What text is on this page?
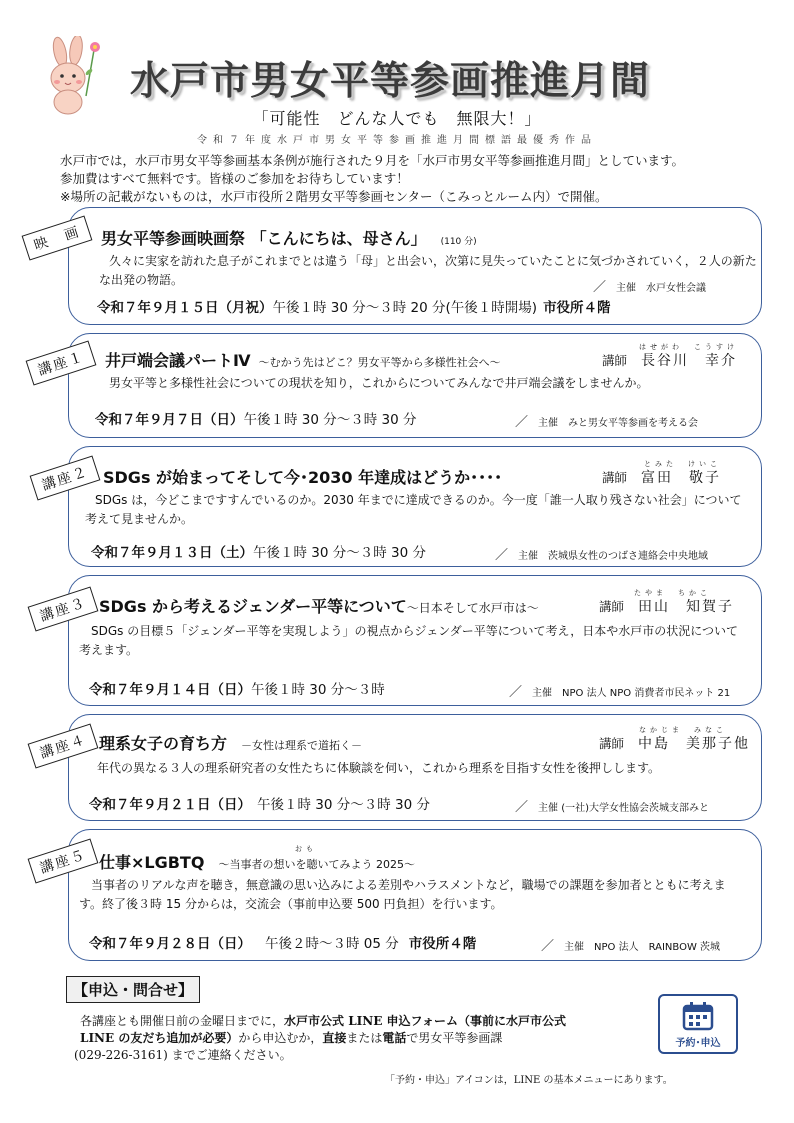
水戸市男女平等参画推進月間
「可能性　どんな人でも　無限大！」
令和７年度水戸市男女平等参画推進月間標語最優秀作品
水戸市では，水戸市男女平等参画基本条例が施行された９月を「水戸市男女平等参画推進月間」としています。
参加費はすべて無料です。皆様のご参加をお待ちしています！
※場所の記載がないものは，水戸市役所２階男女平等参画センター（こみっとルーム内）で開催。
男女平等参画映画祭 「こんにちは、母さん」 (110 分)
　久々に実家を訪れた息子がこれまでとは違う「母」と出会い，次第に見失っていたことに気づかされていく，２人の新た
な出発の物語。	／ 主催　水戸女性会議
令和７年９月１５日（月祝）午後１時 30 分～３時 20 分(午後１時開場) 市役所４階
映　画
井戸端会議パートⅣ ～むかう先はどこ？男女平等から多様性社会へ～
はせがわ　こうすけ
講師 長谷川　幸介
　男女平等と多様性社会についての現状を知り，これからについてみんなで井戸端会議をしませんか。
令和７年９月７日（日）午後１時 30 分～３時 30 分	／ 主催　みと男女平等参画を考える会
講座１
SDGs が始まってそして今･2030 年達成はどうか････
とみた　けいこ
講師 富田　敬子
　SDGs は，今どこまですすんでいるのか。2030 年までに達成できるのか。今一度「誰一人取り残さない社会」について
考えて見ませんか。
令和７年９月１３日（土）午後１時 30 分～３時 30 分	／ 主催　茨城県女性のつばさ連絡会中央地域
講座２
SDGs から考えるジェンダー平等について～日本そして水戸市は～
たやま　ちかこ
講師 田山　知賀子
　SDGs の目標５「ジェンダー平等を実現しよう」の視点からジェンダー平等について考え，日本や水戸市の状況について
考えます。
令和７年９月１４日（日）午後１時 30 分～３時	／ 主催　NPO 法人 NPO 消費者市民ネット 21
講座３
理系女子の育ち方 －女性は理系で道拓く－
なかじま　みなこ
講師 中島　美那子他
　年代の異なる３人の理系研究者の女性たちに体験談を伺い，これから理系を目指す女性を後押しします。
令和７年９月２１日（日） 午後１時 30 分～３時 30 分	／ 主催 (一社)大学女性協会茨城支部みと
講座４
仕事×LGBTQ ～当事者の想いを聴いてみよう 2025～
おも
　当事者のリアルな声を聴き，無意識の思い込みによる差別やハラスメントなど，職場での課題を参加者とともに考えま
す。終了後３時 15 分からは，交流会（事前申込要 500 円負担）を行います。
令和７年９月２８日（日） 午後２時～３時 05 分 市役所４階	／ 主催　NPO 法人　RAINBOW 茨城
講座５
【申込・問合せ】
各講座とも開催日前の金曜日までに，水戸市公式 LINE 申込フォーム（事前に水戸市公式
LINE の友だち追加が必要）から申込むか，直接または電話で男女平等参画課
(029-226-3161) までご連絡ください。
予約･申込
「予約・申込」アイコンは，LINE の基本メニューにあります。
